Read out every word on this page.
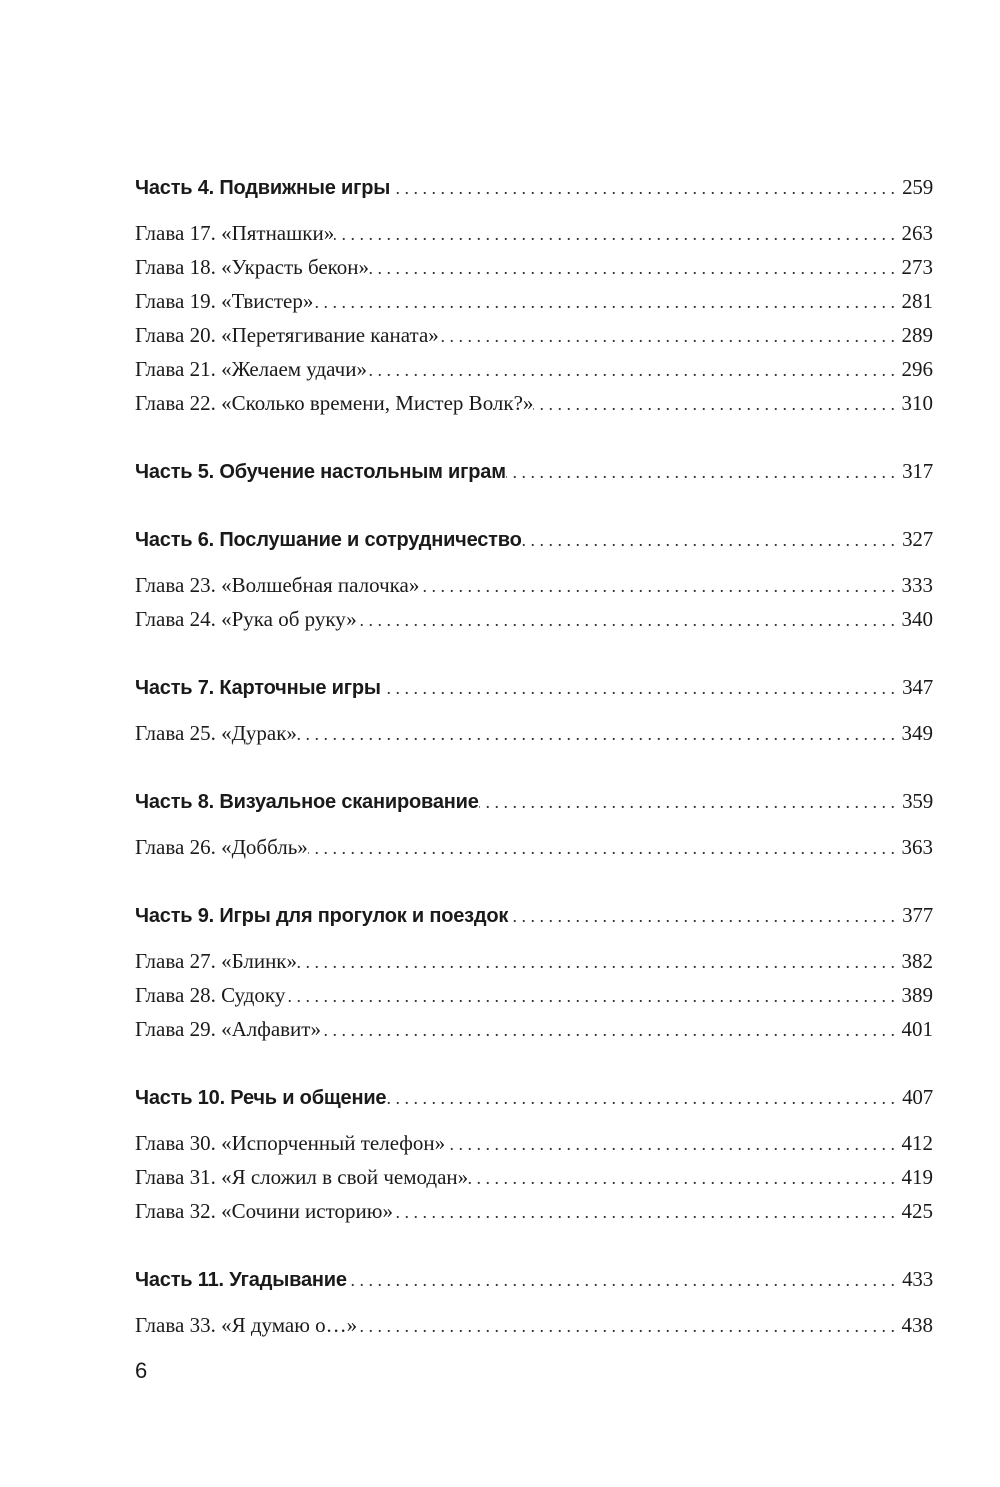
Часть 4. Подвижные игры . . .	259
Глава 17. «Пятнашки» . . .	263
Глава 18. «Украсть бекон» . . .	273
Глава 19. «Твистер» . . .	281
Глава 20. «Перетягивание каната» . . .	289
Глава 21. «Желаем удачи» . . .	296
Глава 22. «Сколько времени, Мистер Волк?» . . .	310
Часть 5. Обучение настольным играм . . .	317
Часть 6. Послушание и сотрудничество . . .	327
Глава 23. «Волшебная палочка» . . .	333
Глава 24. «Рука об руку» . . .	340
Часть 7. Карточные игры . . .	347
Глава 25. «Дурак» . . .	349
Часть 8. Визуальное сканирование . . .	359
Глава 26. «Доббль» . . .	363
Часть 9. Игры для прогулок и поездок . . .	377
Глава 27. «Блинк» . . .	382
Глава 28. Судоку . . .	389
Глава 29. «Алфавит» . . .	401
Часть 10. Речь и общение . . .	407
Глава 30. «Испорченный телефон» . . .	412
Глава 31. «Я сложил в свой чемодан» . . .	419
Глава 32. «Сочини историю» . . .	425
Часть 11. Угадывание . . .	433
Глава 33. «Я думаю о…» . . .	438
6
